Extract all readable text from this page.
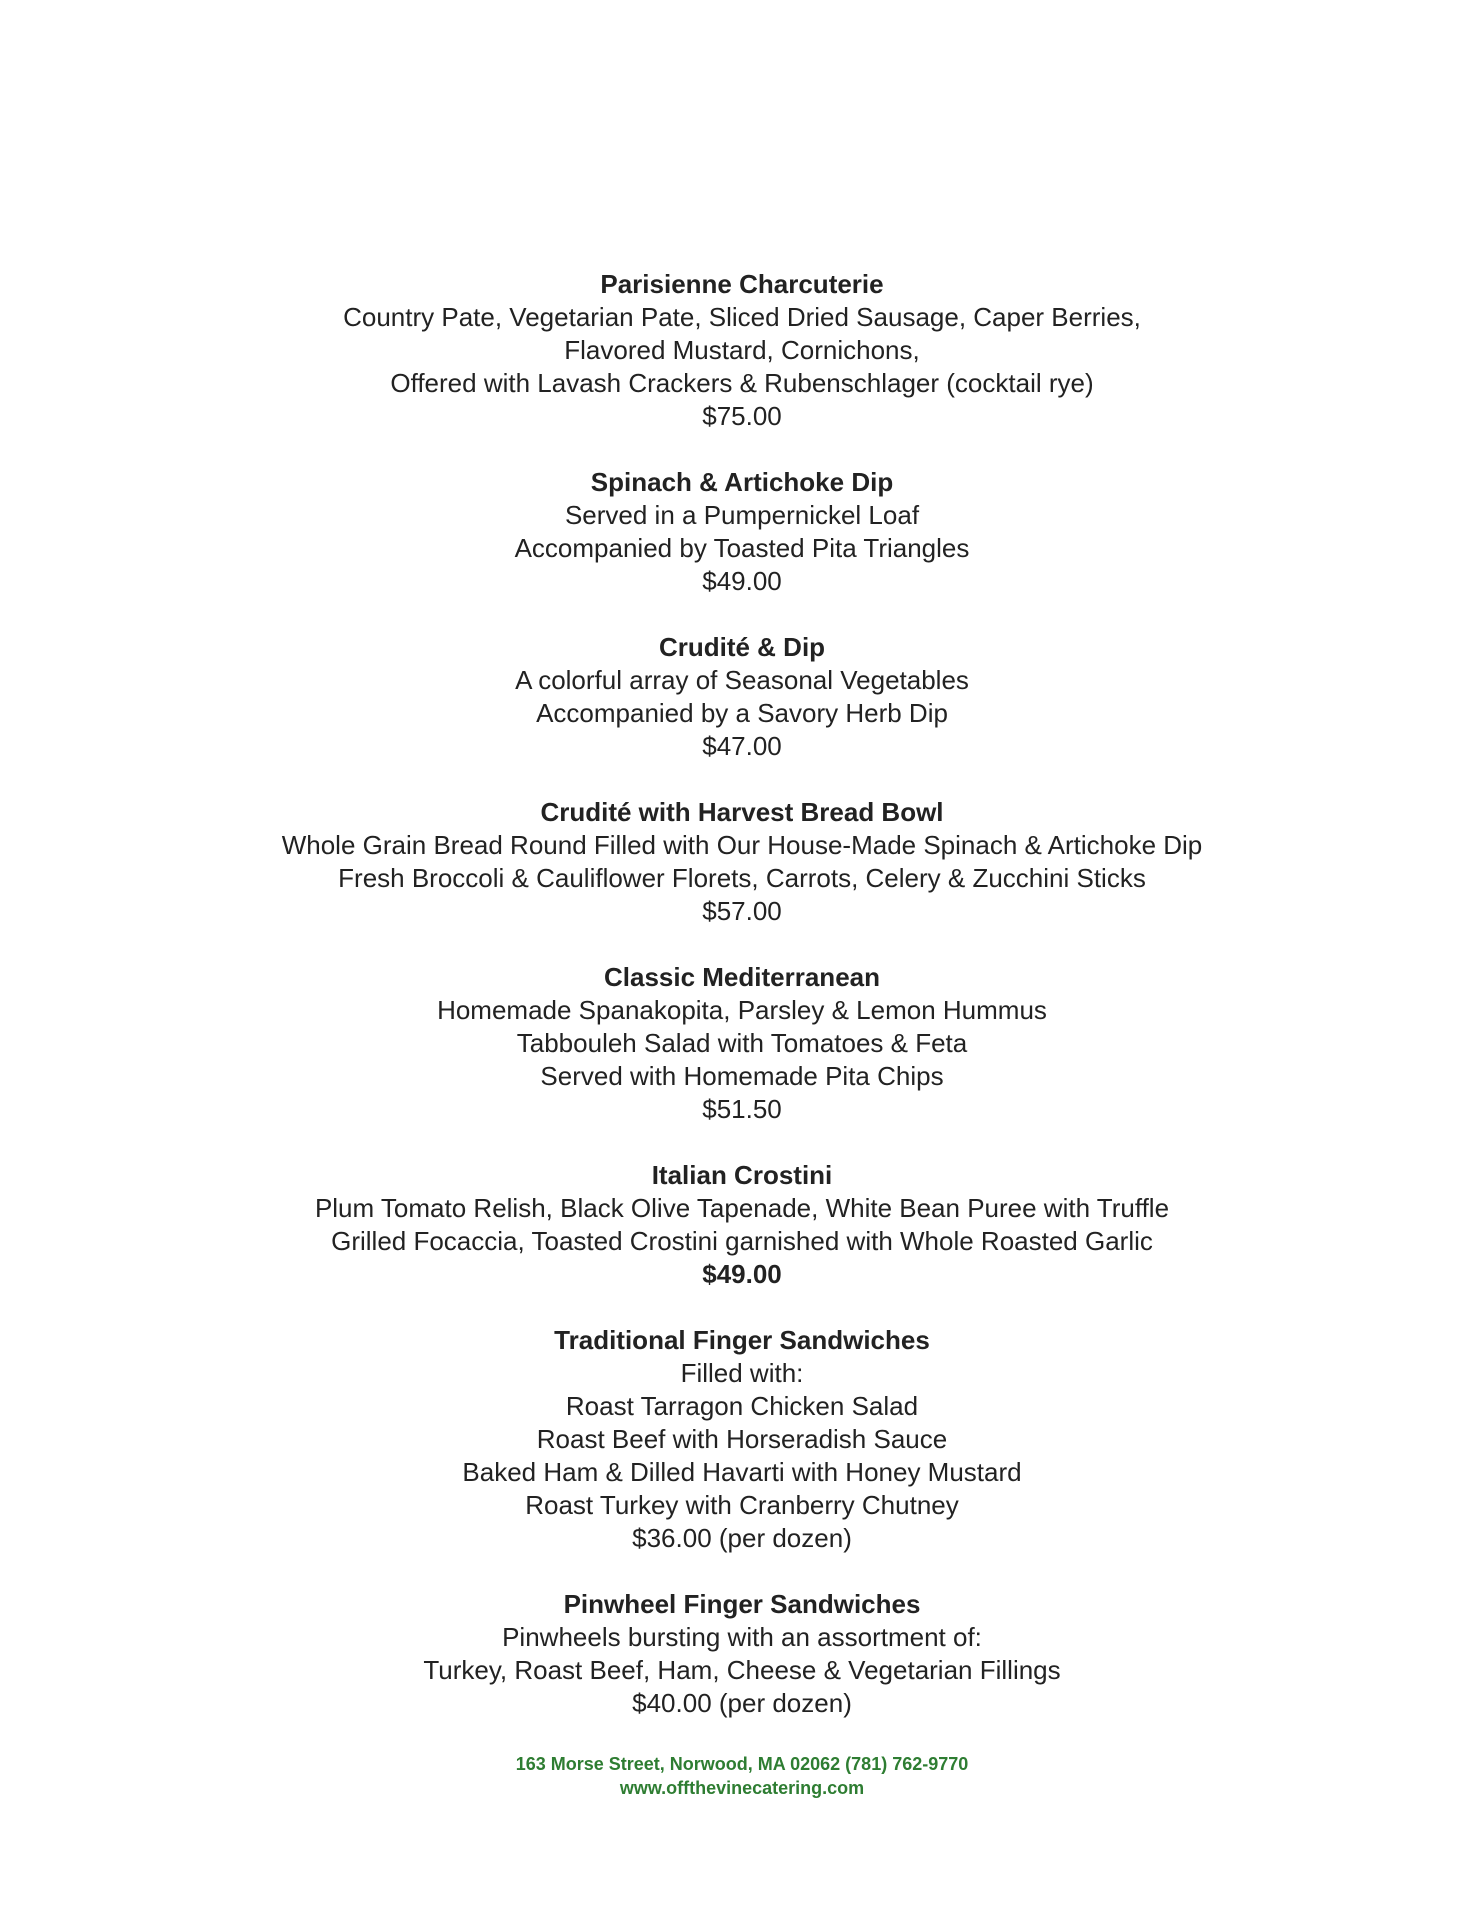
Parisienne Charcuterie
Country Pate, Vegetarian Pate, Sliced Dried Sausage, Caper Berries,
Flavored Mustard, Cornichons,
Offered with Lavash Crackers & Rubenschlager (cocktail rye)
$75.00
Spinach & Artichoke Dip
Served in a Pumpernickel Loaf
Accompanied by Toasted Pita Triangles
$49.00
Crudité & Dip
A colorful array of Seasonal Vegetables
Accompanied by a Savory Herb Dip
$47.00
Crudité with Harvest Bread Bowl
Whole Grain Bread Round Filled with Our House-Made Spinach & Artichoke Dip
Fresh Broccoli & Cauliflower Florets, Carrots, Celery & Zucchini Sticks
$57.00
Classic Mediterranean
Homemade Spanakopita, Parsley & Lemon Hummus
Tabbouleh Salad with Tomatoes & Feta
Served with Homemade Pita Chips
$51.50
Italian Crostini
Plum Tomato Relish, Black Olive Tapenade, White Bean Puree with Truffle
Grilled Focaccia, Toasted Crostini garnished with Whole Roasted Garlic
$49.00
Traditional Finger Sandwiches
Filled with:
Roast Tarragon Chicken Salad
Roast Beef with Horseradish Sauce
Baked Ham & Dilled Havarti with Honey Mustard
Roast Turkey with Cranberry Chutney
$36.00 (per dozen)
Pinwheel Finger Sandwiches
Pinwheels bursting with an assortment of:
Turkey, Roast Beef, Ham, Cheese & Vegetarian Fillings
$40.00 (per dozen)
163 Morse Street, Norwood, MA 02062 (781) 762-9770
www.offthevinecatering.com
